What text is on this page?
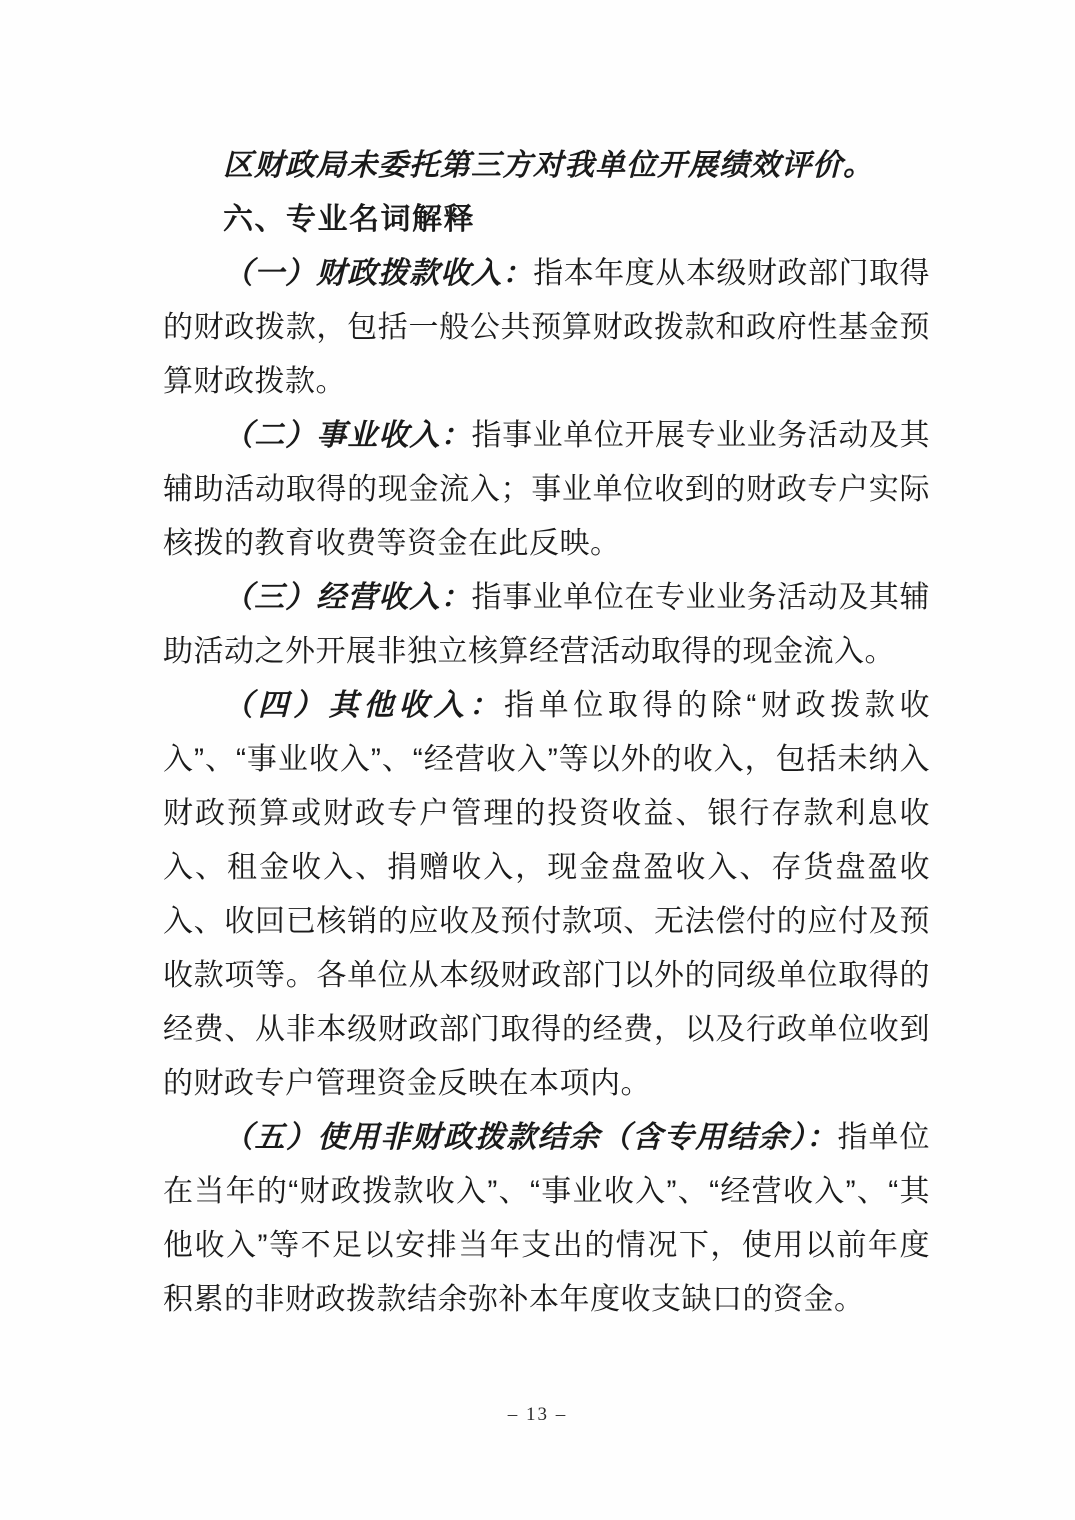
区财政局未委托第三方对我单位开展绩效评价。

六、专业名词解释

（一）财政拨款收入：指本年度从本级财政部门取得的财政拨款，包括一般公共预算财政拨款和政府性基金预算财政拨款。

（二）事业收入：指事业单位开展专业业务活动及其辅助活动取得的现金流入；事业单位收到的财政专户实际核拨的教育收费等资金在此反映。

（三）经营收入：指事业单位在专业业务活动及其辅助活动之外开展非独立核算经营活动取得的现金流入。

（四）其他收入：指单位取得的除“财政拨款收入”、“事业收入”、“经营收入”等以外的收入，包括未纳入财政预算或财政专户管理的投资收益、银行存款利息收入、租金收入、捐赠收入，现金盘盈收入、存货盘盈收入、收回已核销的应收及预付款项、无法偿付的应付及预收款项等。各单位从本级财政部门以外的同级单位取得的经费、从非本级财政部门取得的经费，以及行政单位收到的财政专户管理资金反映在本项内。

（五）使用非财政拨款结余（含专用结余）：指单位在当年的“财政拨款收入”、“事业收入”、“经营收入”、“其他收入”等不足以安排当年支出的情况下，使用以前年度积累的非财政拨款结余弥补本年度收支缺口的资金。

– 13 –
